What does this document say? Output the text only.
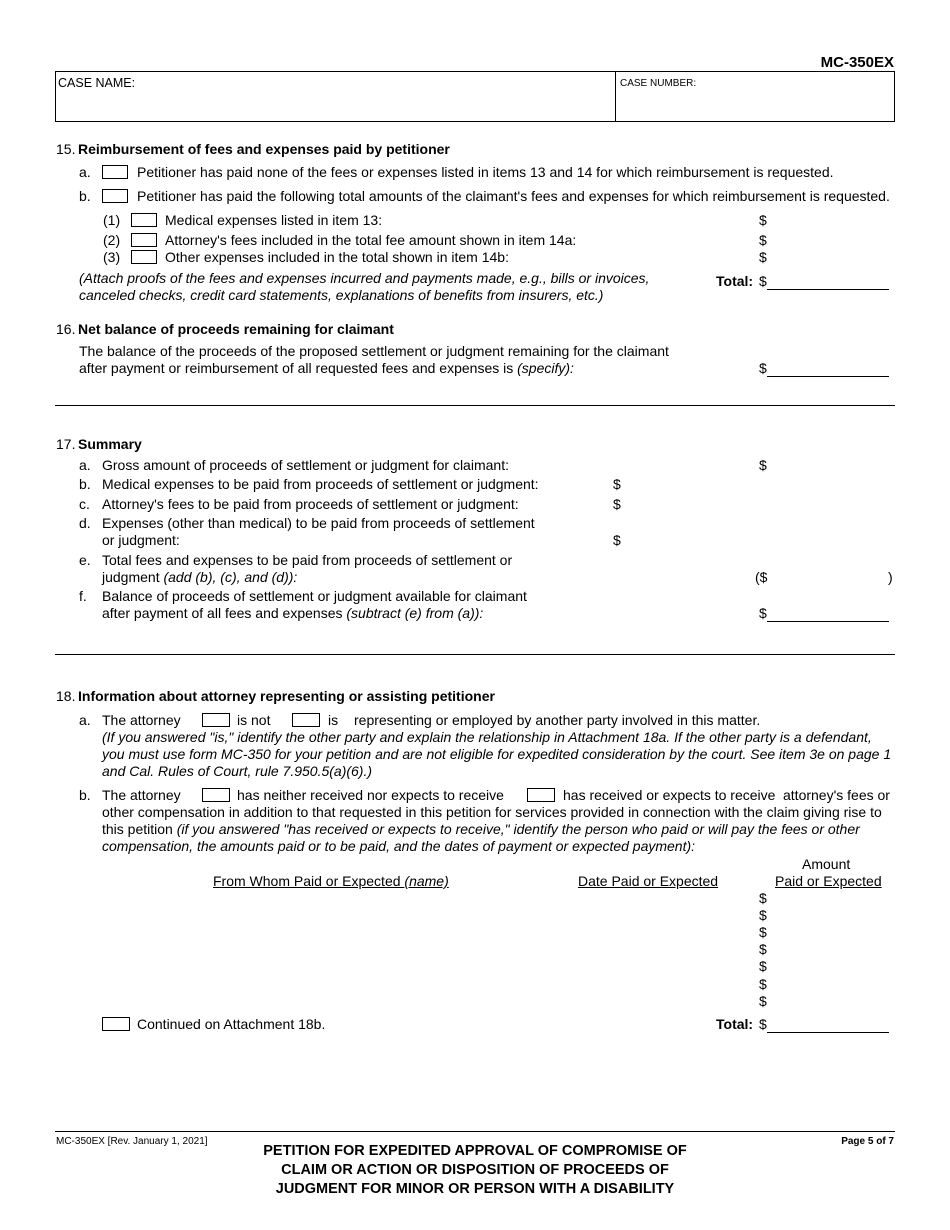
MC-350EX
CASE NAME:	CASE NUMBER:
15. Reimbursement of fees and expenses paid by petitioner
a.	Petitioner has paid none of the fees or expenses listed in items 13 and 14 for which reimbursement is requested.
b.	Petitioner has paid the following total amounts of the claimant's fees and expenses for which reimbursement is requested.
(1)	Medical expenses listed in item 13:	$
(2)	Attorney's fees included in the total fee amount shown in item 14a:	$
(3)	Other expenses included in the total shown in item 14b:	$
(Attach proofs of the fees and expenses incurred and payments made, e.g., bills or invoices,
canceled checks, credit card statements, explanations of benefits from insurers, etc.)
Total: $
16. Net balance of proceeds remaining for claimant
The balance of the proceeds of the proposed settlement or judgment remaining for the claimant
after payment or reimbursement of all requested fees and expenses is (specify):	$
17. Summary
a. Gross amount of proceeds of settlement or judgment for claimant:	$
b. Medical expenses to be paid from proceeds of settlement or judgment:	$
c. Attorney's fees to be paid from proceeds of settlement or judgment:	$
d. Expenses (other than medical) to be paid from proceeds of settlement
or judgment:	$
e. Total fees and expenses to be paid from proceeds of settlement or
judgment (add (b), (c), and (d)):	($	)
f. Balance of proceeds of settlement or judgment available for claimant
after payment of all fees and expenses (subtract (e) from (a)):	$
18. Information about attorney representing or assisting petitioner
a. The attorney	is not	is representing or employed by another party involved in this matter.
(If you answered "is," identify the other party and explain the relationship in Attachment 18a. If the other party is a defendant,
you must use form MC-350 for your petition and are not eligible for expedited consideration by the court. See item 3e on page 1
and Cal. Rules of Court, rule 7.950.5(a)(6).)
b. The attorney	has neither received nor expects to receive	has received or expects to receive attorney's fees or
other compensation in addition to that requested in this petition for services provided in connection with the claim giving rise to
this petition (if you answered "has received or expects to receive," identify the person who paid or will pay the fees or other
compensation, the amounts paid or to be paid, and the dates of payment or expected payment):
From Whom Paid or Expected (name)	Date Paid or Expected
Amount
Paid or Expected
$
$
$
$
$
$
$
Continued on Attachment 18b.	Total: $
MC-350EX [Rev. January 1, 2021]	Page 5 of 7
PETITION FOR EXPEDITED APPROVAL OF COMPROMISE OF
CLAIM OR ACTION OR DISPOSITION OF PROCEEDS OF
JUDGMENT FOR MINOR OR PERSON WITH A DISABILITY
